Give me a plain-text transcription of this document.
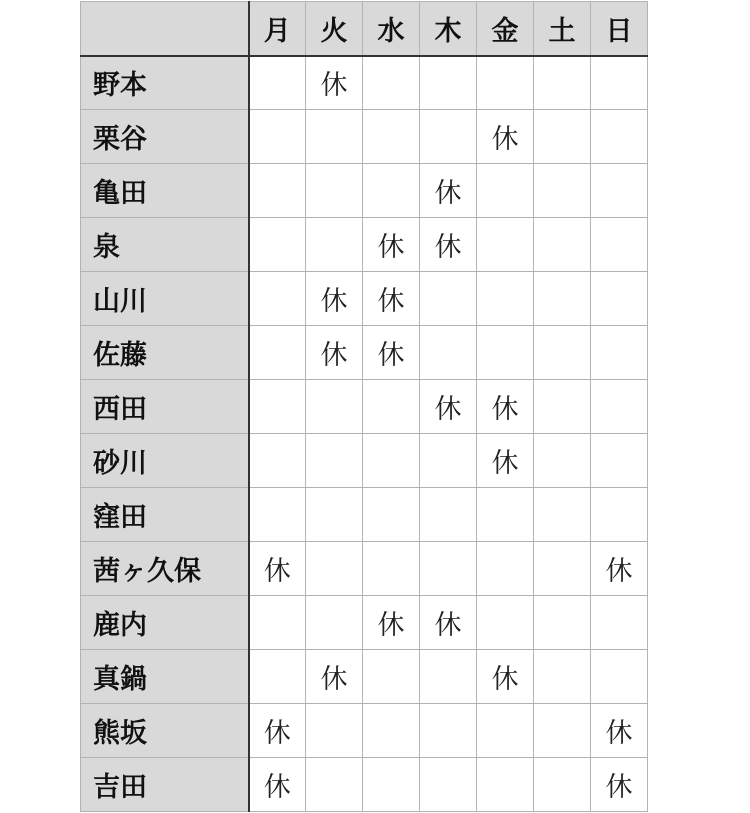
	月	火	水	木	金	土	日
野本		休					
栗谷					休		
亀田				休			
泉			休	休			
山川		休	休				
佐藤		休	休				
西田				休	休		
砂川					休		
窪田							
茜ヶ久保	休						休
鹿内			休	休			
真鍋		休			休		
熊坂	休						休
吉田	休						休
